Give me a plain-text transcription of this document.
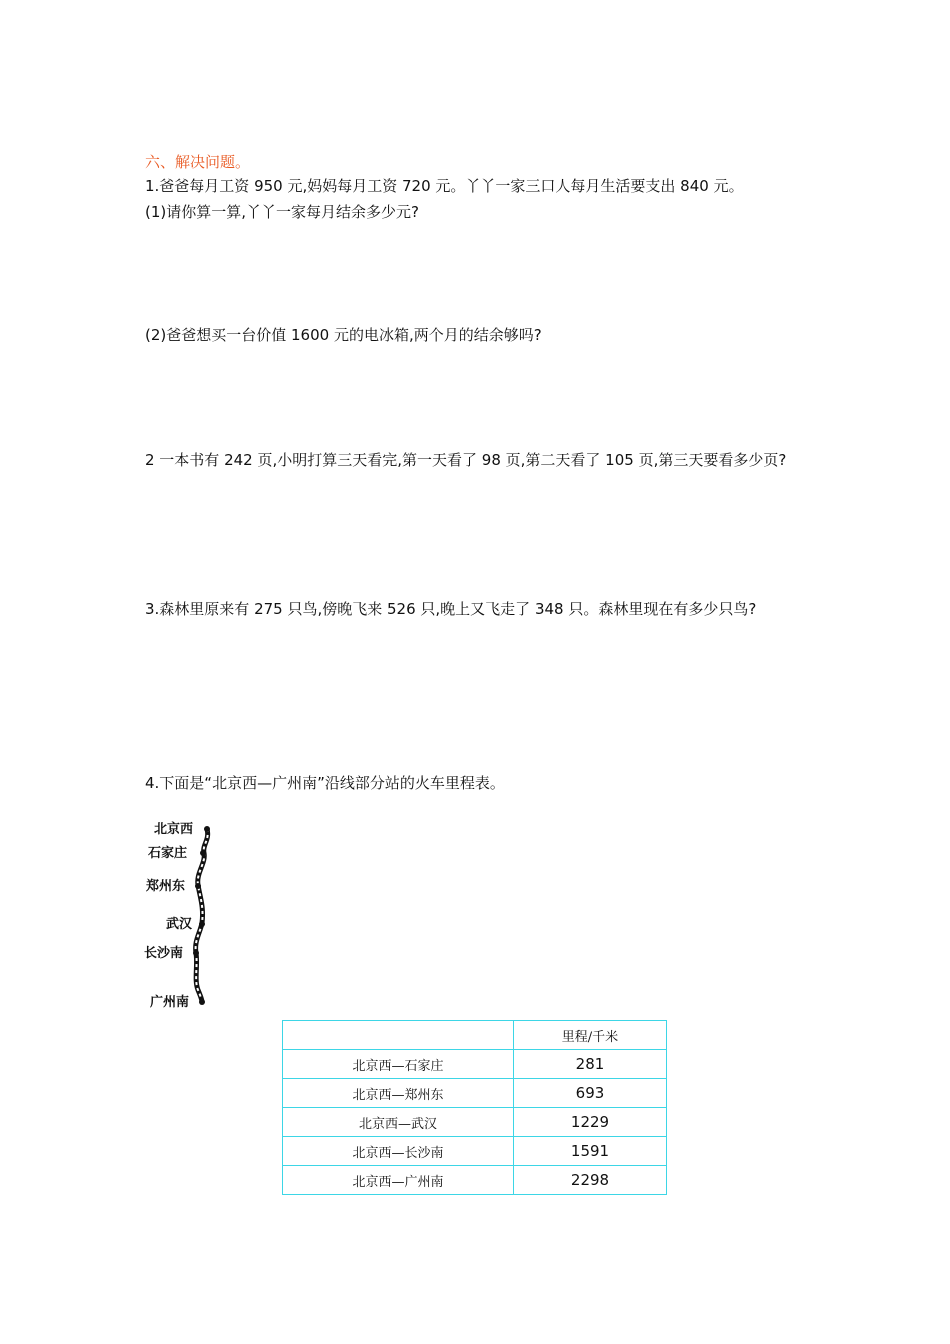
六、解决问题。
1.爸爸每月工资 950 元,妈妈每月工资 720 元。丫丫一家三口人每月生活要支出 840 元。
(1)请你算一算,丫丫一家每月结余多少元?
(2)爸爸想买一台价值 1600 元的电冰箱,两个月的结余够吗?
2 一本书有 242 页,小明打算三天看完,第一天看了 98 页,第二天看了 105 页,第三天要看多少页?
3.森林里原来有 275 只鸟,傍晚飞来 526 只,晚上又飞走了 348 只。森林里现在有多少只鸟?
4.下面是“北京西—广州南”沿线部分站的火车里程表。
北京西
石家庄
郑州东
武汉
长沙南
广州南
	里程/千米
北京西—石家庄	281
北京西—郑州东	693
北京西—武汉	1229
北京西—长沙南	1591
北京西—广州南	2298
